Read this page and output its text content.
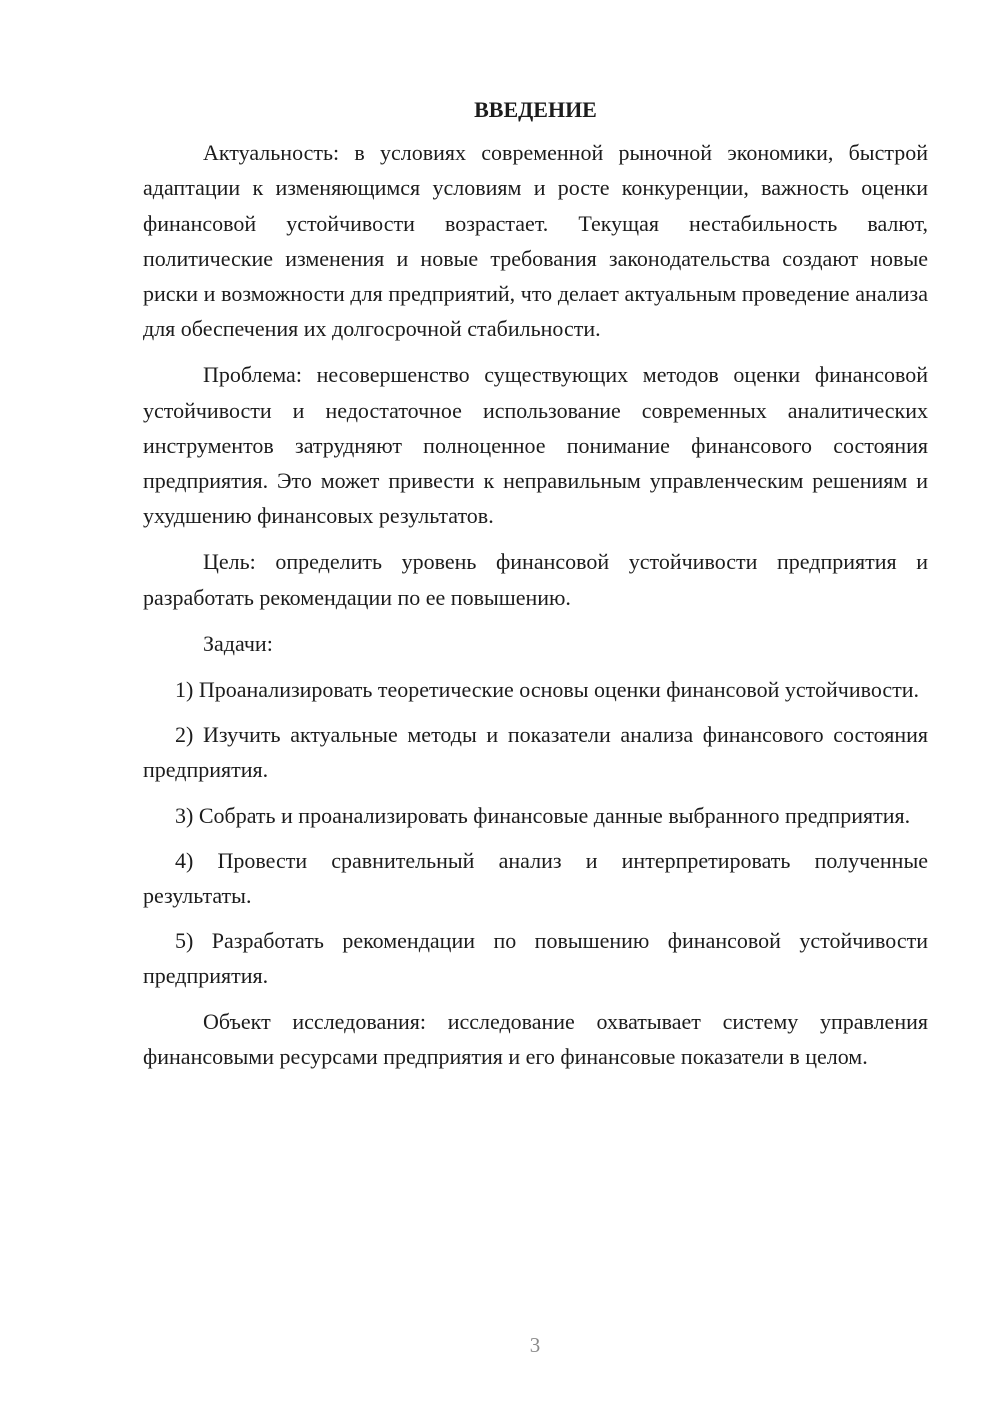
ВВЕДЕНИЕ

Актуальность: в условиях современной рыночной экономики, быстрой адаптации к изменяющимся условиям и росте конкуренции, важность оценки финансовой устойчивости возрастает. Текущая нестабильность валют, политические изменения и новые требования законодательства создают новые риски и возможности для предприятий, что делает актуальным проведение анализа для обеспечения их долгосрочной стабильности.

Проблема: несовершенство существующих методов оценки финансовой устойчивости и недостаточное использование современных аналитических инструментов затрудняют полноценное понимание финансового состояния предприятия. Это может привести к неправильным управленческим решениям и ухудшению финансовых результатов.

Цель: определить уровень финансовой устойчивости предприятия и разработать рекомендации по ее повышению.

Задачи:

1) Проанализировать теоретические основы оценки финансовой устойчивости.

2) Изучить актуальные методы и показатели анализа финансового состояния предприятия.

3) Собрать и проанализировать финансовые данные выбранного предприятия.

4) Провести сравнительный анализ и интерпретировать полученные результаты.

5) Разработать рекомендации по повышению финансовой устойчивости предприятия.

Объект исследования: исследование охватывает систему управления финансовыми ресурсами предприятия и его финансовые показатели в целом.

3
